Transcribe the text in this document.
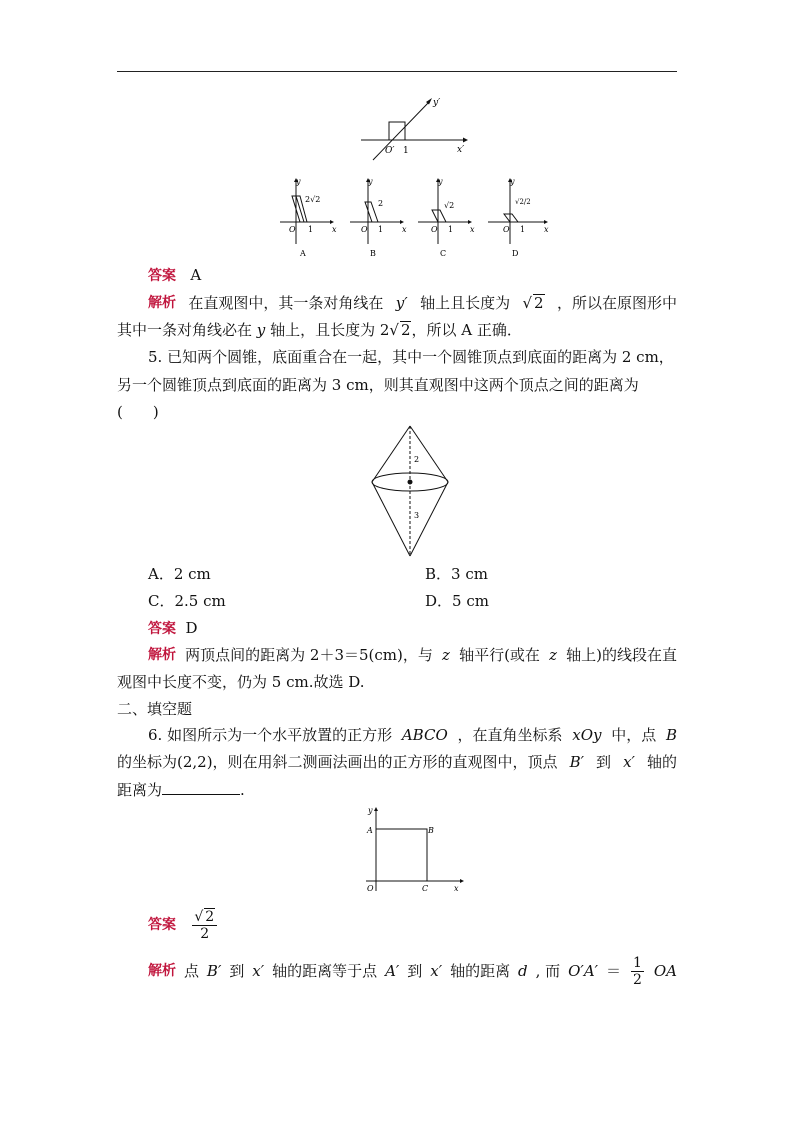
y′
x′
O′ 1
y
x
O 1
2√2
A
y
x
O 1
2
B
y
x
O 1
√2
C
y
x
O 1
√2/2
D
答案 A
解析 在直观图中，其一条对角线在 y′ 轴上且长度为 √ 2 ，所以在原图形中
其中一条对角线必在 y 轴上，且长度为 2√ 2，所以 A 正确．
5. 已知两个圆锥，底面重合在一起，其中一个圆锥顶点到底面的距离为 2 cm，
另一个圆锥顶点到底面的距离为 3 cm，则其直观图中这两个顶点之间的距离为
(　　)
2
3
A．2 cm	B．3 cm
C．2.5 cm	D．5 cm
答案 D
解析 两顶点间的距离为 2＋3＝5(cm)，与 z 轴平行(或在 z 轴上)的线段在直
观图中长度不变，仍为 5 cm.故选 D.
二、填空题
6. 如图所示为一个水平放置的正方形 ABCO ，在直角坐标系 xOy 中，点 B
的坐标为(2,2)，则在用斜二测画法画出的正方形的直观图中，顶点 B′ 到 x′ 轴的
距离为	.
y
x
A	B
O	C
答案 $\frac{√ 2}{2}$
解析 点 B′ 到 x′ 轴的距离等于点 A′ 到 x′ 轴的距离 d , 而 $O'A' = \frac{1}{2}$ OA
